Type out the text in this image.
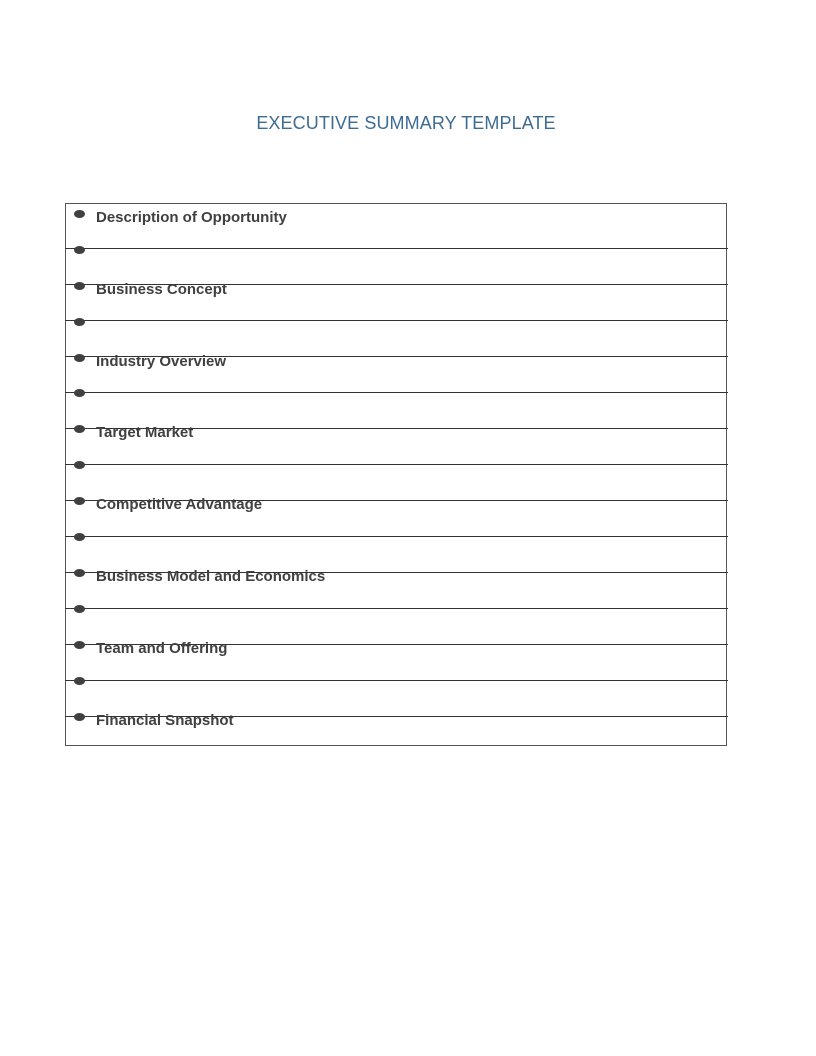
EXECUTIVE SUMMARY TEMPLATE
Description of Opportunity
Business Concept
Industry Overview
Target Market
Competitive Advantage
Business Model and Economics
Team and Offering
Financial Snapshot
